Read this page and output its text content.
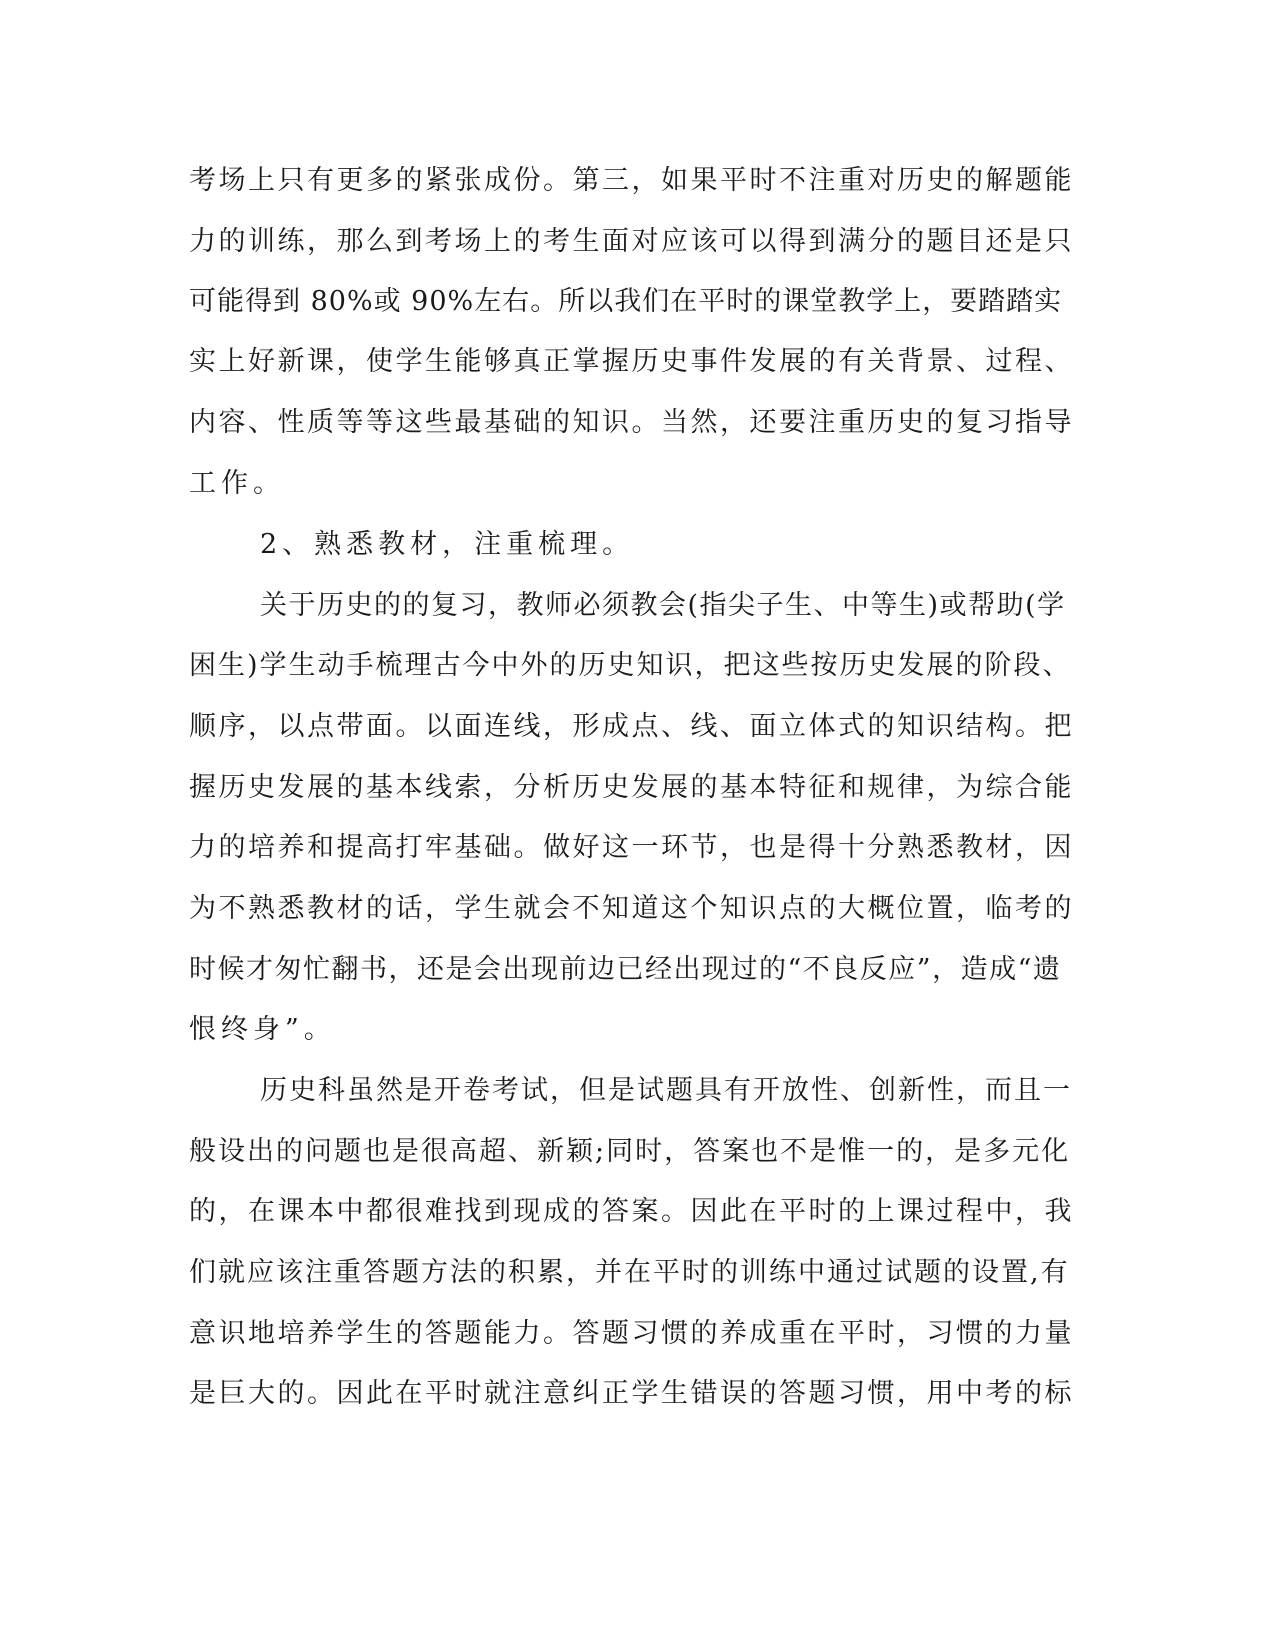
考场上只有更多的紧张成份。第三，如果平时不注重对历史的解题能
力的训练，那么到考场上的考生面对应该可以得到满分的题目还是只
可能得到 80%或 90%左右。所以我们在平时的课堂教学上，要踏踏实
实上好新课，使学生能够真正掌握历史事件发展的有关背景、过程、
内容、性质等等这些最基础的知识。当然，还要注重历史的复习指导
工作。
2、熟悉教材，注重梳理。
关于历史的的复习，教师必须教会(指尖子生、中等生)或帮助(学
困生)学生动手梳理古今中外的历史知识，把这些按历史发展的阶段、
顺序，以点带面。以面连线，形成点、线、面立体式的知识结构。把
握历史发展的基本线索，分析历史发展的基本特征和规律，为综合能
力的培养和提高打牢基础。做好这一环节，也是得十分熟悉教材，因
为不熟悉教材的话，学生就会不知道这个知识点的大概位置，临考的
时候才匆忙翻书，还是会出现前边已经出现过的“不良反应”，造成“遗
恨终身”。
历史科虽然是开卷考试，但是试题具有开放性、创新性，而且一
般设出的问题也是很高超、新颖;同时，答案也不是惟一的，是多元化
的，在课本中都很难找到现成的答案。因此在平时的上课过程中，我
们就应该注重答题方法的积累，并在平时的训练中通过试题的设置,有
意识地培养学生的答题能力。答题习惯的养成重在平时，习惯的力量
是巨大的。因此在平时就注意纠正学生错误的答题习惯，用中考的标
